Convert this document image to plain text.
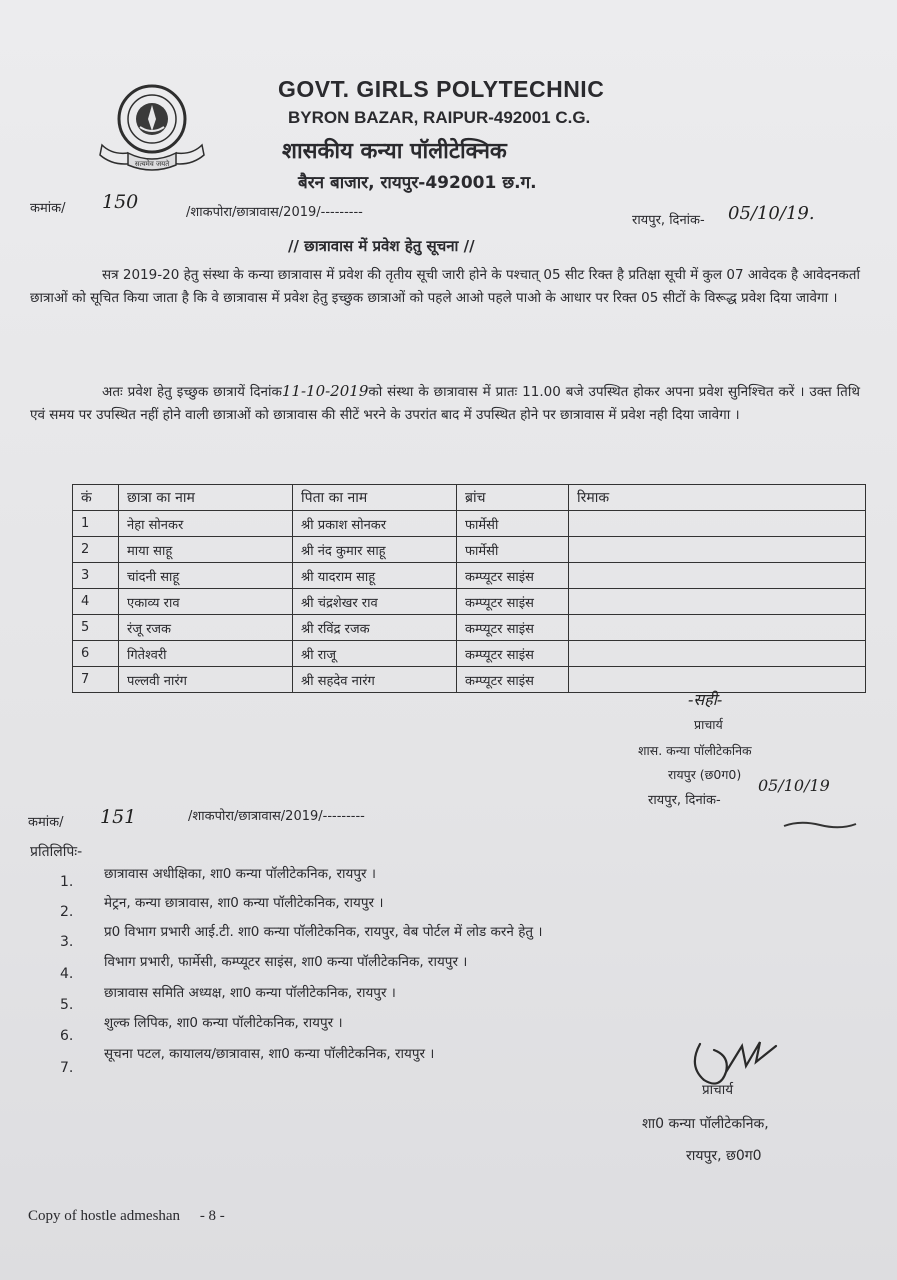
सत्यमेव जयते
GOVT. GIRLS POLYTECHNIC
BYRON BAZAR, RAIPUR-492001 C.G.
शासकीय कन्या पॉलीटेक्निक
बैरन बाजार, रायपुर-492001 छ.ग.
कमांक/ 150	/शाकपोरा/छात्रावास/2019/---------
रायपुर, दिनांक- 05/10/19.
// छात्रावास में प्रवेश हेतु सूचना //
सत्र 2019-20 हेतु संस्था के कन्या छात्रावास में प्रवेश की तृतीय सूची जारी होने के पश्चात् 05 सीट रिक्त है प्रतिक्षा सूची में कुल 07 आवेदक है आवेदनकर्ता छात्राओं को सूचित किया जाता है कि वे छात्रावास में प्रवेश हेतु इच्छुक छात्राओं को पहले आओ पहले पाओ के आधार पर रिक्त 05 सीटों के विरूद्ध प्रवेश दिया जावेगा ।
अतः प्रवेश हेतु इच्छुक छात्रायें दिनांक11-10-2019को संस्था के छात्रावास में प्रातः 11.00 बजे उपस्थित होकर अपना प्रवेश सुनिश्चित करें । उक्त तिथि एवं समय पर उपस्थित नहीं होने वाली छात्राओं को छात्रावास की सीटें भरने के उपरांत बाद में उपस्थित होने पर छात्रावास में प्रवेश नही दिया जावेगा ।
कं	छात्रा का नाम	पिता का नाम	ब्रांच	रिमाक
1	नेहा सोनकर	श्री प्रकाश सोनकर	फार्मेसी	
2	माया साहू	श्री नंद कुमार साहू	फार्मेसी	
3	चांदनी साहू	श्री यादराम साहू	कम्प्यूटर साइंस	
4	एकाव्य राव	श्री चंद्रशेखर राव	कम्प्यूटर साइंस	
5	रंजू रजक	श्री रविंद्र रजक	कम्प्यूटर साइंस	
6	गितेश्वरी	श्री राजू	कम्प्यूटर साइंस	
7	पल्लवी नारंग	श्री सहदेव नारंग	कम्प्यूटर साइंस	
-सही-
प्राचार्य
शास. कन्या पॉलीटेकनिक
रायपुर (छ0ग0)
रायपुर, दिनांक-
05/10/19
कमांक/ 151	/शाकपोरा/छात्रावास/2019/---------
प्रतिलिपिः-
1. छात्रावास अधीक्षिका, शा0 कन्या पॉलीटेकनिक, रायपुर ।
2.
मेट्रन, कन्या छात्रावास, शा0 कन्या पॉलीटेकनिक, रायपुर ।
3.
प्र0 विभाग प्रभारी आई.टी. शा0 कन्या पॉलीटेकनिक, रायपुर, वेब पोर्टल में लोड करने हेतु ।
4.
विभाग प्रभारी, फार्मेसी, कम्प्यूटर साइंस, शा0 कन्या पॉलीटेकनिक, रायपुर ।
5.
छात्रावास समिति अध्यक्ष, शा0 कन्या पॉलीटेकनिक, रायपुर ।
6.
शुल्क लिपिक, शा0 कन्या पॉलीटेकनिक, रायपुर ।
7.
सूचना पटल, कायालय/छात्रावास, शा0 कन्या पॉलीटेकनिक, रायपुर ।
प्राचार्य
शा0 कन्या पॉलीटेकनिक,
रायपुर, छ0ग0
Copy of hostle admeshan - 8 -
